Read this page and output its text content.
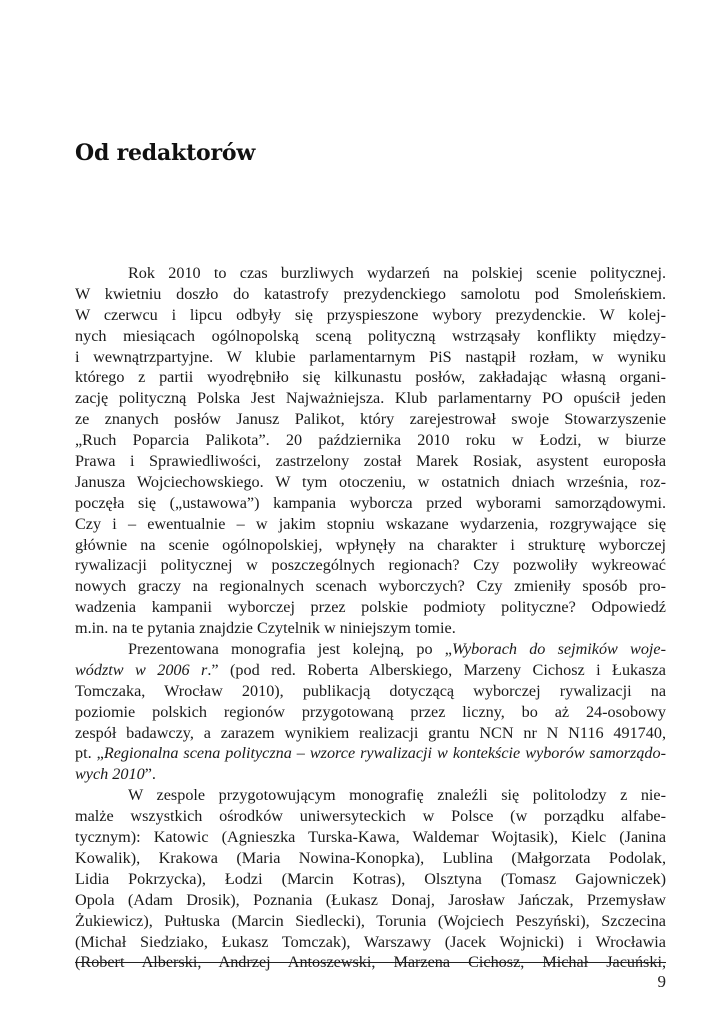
Od redaktorów
Rok 2010 to czas burzliwych wydarzeń na polskiej scenie politycznej.
W kwietniu doszło do katastrofy prezydenckiego samolotu pod Smoleńskiem.
W czerwcu i lipcu odbyły się przyspieszone wybory prezydenckie. W kolej-
nych miesiącach ogólnopolską sceną polityczną wstrząsały konflikty między-
i wewnątrzpartyjne. W klubie parlamentarnym PiS nastąpił rozłam, w wyniku
którego z partii wyodrębniło się kilkunastu posłów, zakładając własną organi-
zację polityczną Polska Jest Najważniejsza. Klub parlamentarny PO opuścił jeden
ze znanych posłów Janusz Palikot, który zarejestrował swoje Stowarzyszenie
„Ruch Poparcia Palikota”. 20 października 2010 roku w Łodzi, w biurze
Prawa i Sprawiedliwości, zastrzelony został Marek Rosiak, asystent europosła
Janusza Wojciechowskiego. W tym otoczeniu, w ostatnich dniach września, roz-
poczęła się („ustawowa”) kampania wyborcza przed wyborami samorządowymi.
Czy i – ewentualnie – w jakim stopniu wskazane wydarzenia, rozgrywające się
głównie na scenie ogólnopolskiej, wpłynęły na charakter i strukturę wyborczej
rywalizacji politycznej w poszczególnych regionach? Czy pozwoliły wykreować
nowych graczy na regionalnych scenach wyborczych? Czy zmieniły sposób pro-
wadzenia kampanii wyborczej przez polskie podmioty polityczne? Odpowiedź
m.in. na te pytania znajdzie Czytelnik w niniejszym tomie.
Prezentowana monografia jest kolejną, po „Wyborach do sejmików woje-
wództw w 2006 r.” (pod red. Roberta Alberskiego, Marzeny Cichosz i Łukasza
Tomczaka, Wrocław 2010), publikacją dotyczącą wyborczej rywalizacji na
poziomie polskich regionów przygotowaną przez liczny, bo aż 24-osobowy
zespół badawczy, a zarazem wynikiem realizacji grantu NCN nr N N116 491740,
pt. „Regionalna scena polityczna – wzorce rywalizacji w kontekście wyborów samorządo-
wych 2010”.
W zespole przygotowującym monografię znaleźli się politolodzy z nie-
malże wszystkich ośrodków uniwersyteckich w Polsce (w porządku alfabe-
tycznym): Katowic (Agnieszka Turska-Kawa, Waldemar Wojtasik), Kielc (Janina
Kowalik), Krakowa (Maria Nowina-Konopka), Lublina (Małgorzata Podolak,
Lidia Pokrzycka), Łodzi (Marcin Kotras), Olsztyna (Tomasz Gajowniczek)
Opola (Adam Drosik), Poznania (Łukasz Donaj, Jarosław Jańczak, Przemysław
Żukiewicz), Pułtuska (Marcin Siedlecki), Torunia (Wojciech Peszyński), Szczecina
(Michał Siedziako, Łukasz Tomczak), Warszawy (Jacek Wojnicki) i Wrocławia
(Robert Alberski, Andrzej Antoszewski, Marzena Cichosz, Michał Jacuński,
9
